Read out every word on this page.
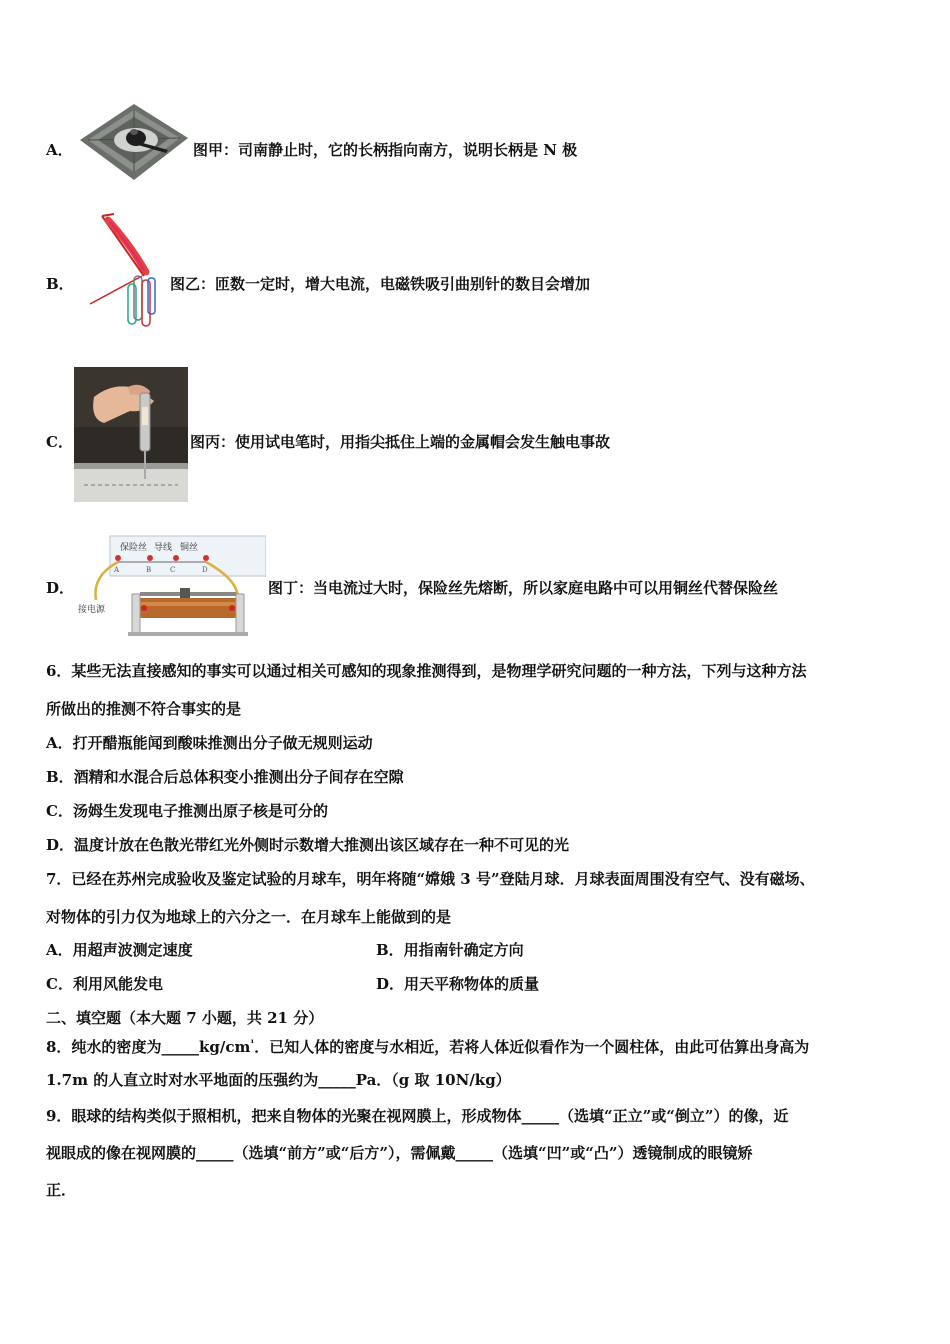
A．	图甲：司南静止时，它的长柄指向南方，说明长柄是 N 极
B．	图乙：匝数一定时，增大电流，电磁铁吸引曲别针的数目会增加
C．	图丙：使用试电笔时，用指尖抵住上端的金属帽会发生触电事故
D．
保险丝 导线 铜丝
A	B	C	D
接电源
图丁：当电流过大时，保险丝先熔断，所以家庭电路中可以用铜丝代替保险丝
6．某些无法直接感知的事实可以通过相关可感知的现象推测得到，是物理学研究问题的一种方法，下列与这种方法
所做出的推测不符合事实的是
A．打开醋瓶能闻到酸味推测出分子做无规则运动
B．酒精和水混合后总体积变小推测出分子间存在空隙
C．汤姆生发现电子推测出原子核是可分的
D．温度计放在色散光带红光外侧时示数增大推测出该区域存在一种不可见的光
7．已经在苏州完成验收及鉴定试验的月球车，明年将随“嫦娥 3 号”登陆月球．月球表面周围没有空气、没有磁场、
对物体的引力仅为地球上的六分之一．在月球车上能做到的是
A．用超声波测定速度	B．用指南针确定方向
C．利用风能发电	D．用天平称物体的质量
二、填空题（本大题 7 小题，共 21 分）
8．纯水的密度为$\_\_\_\_\_kg/cm^{^1}$．已知人体的密度与水相近，若将人体近似看作为一个圆柱体，由此可估算出身高为
1.7m 的人直立时对水平地面的压强约为_____Pa．（g 取 10N/kg）
9．眼球的结构类似于照相机，把来自物体的光聚在视网膜上，形成物体_____（选填“正立”或“倒立”）的像，近
视眼成的像在视网膜的_____（选填“前方”或“后方”），需佩戴_____（选填“凹”或“凸”）透镜制成的眼镜矫
正．
